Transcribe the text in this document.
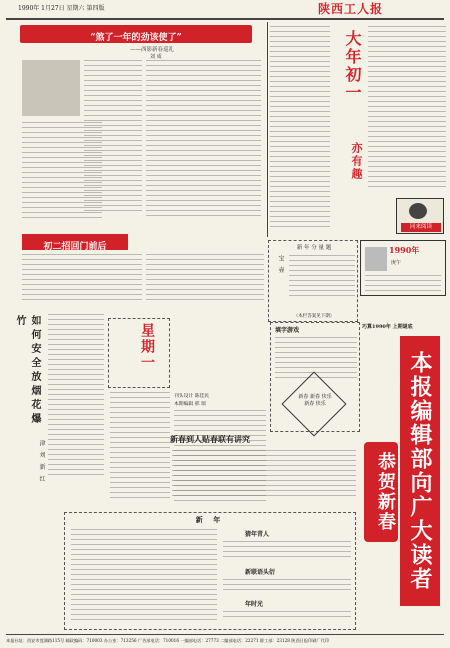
1990年 1月27日 星期六 第四版	陕西工人报
“煞了一年的劲该使了”
——西影新春巡礼
刘 成	大年初一
亦有趣
同来阅读
初二招回门前后	新 年 分 量 题
宝 壶
（本栏答案见下期）
1990年
庚午
巧算1990年 上期谜底
如何安全放烟花爆竹
星期一
津 刘 新 红
刊头设计 陈佳民
本期编辑 邢 瑞
填字游戏
新春 新春 快乐 新春 快乐	本报编辑部向广大读者
恭贺新春
新春到人贴春联有讲究
新 年
猜年青人
新联语头衍
年时光
本报社址：西安市莲湖路115号 邮政编码：710003 办公室：713256 广告部电话：710016 一编部电话：27773 二编部电话：22271 群工部：23128 陕西日报印刷厂代印
